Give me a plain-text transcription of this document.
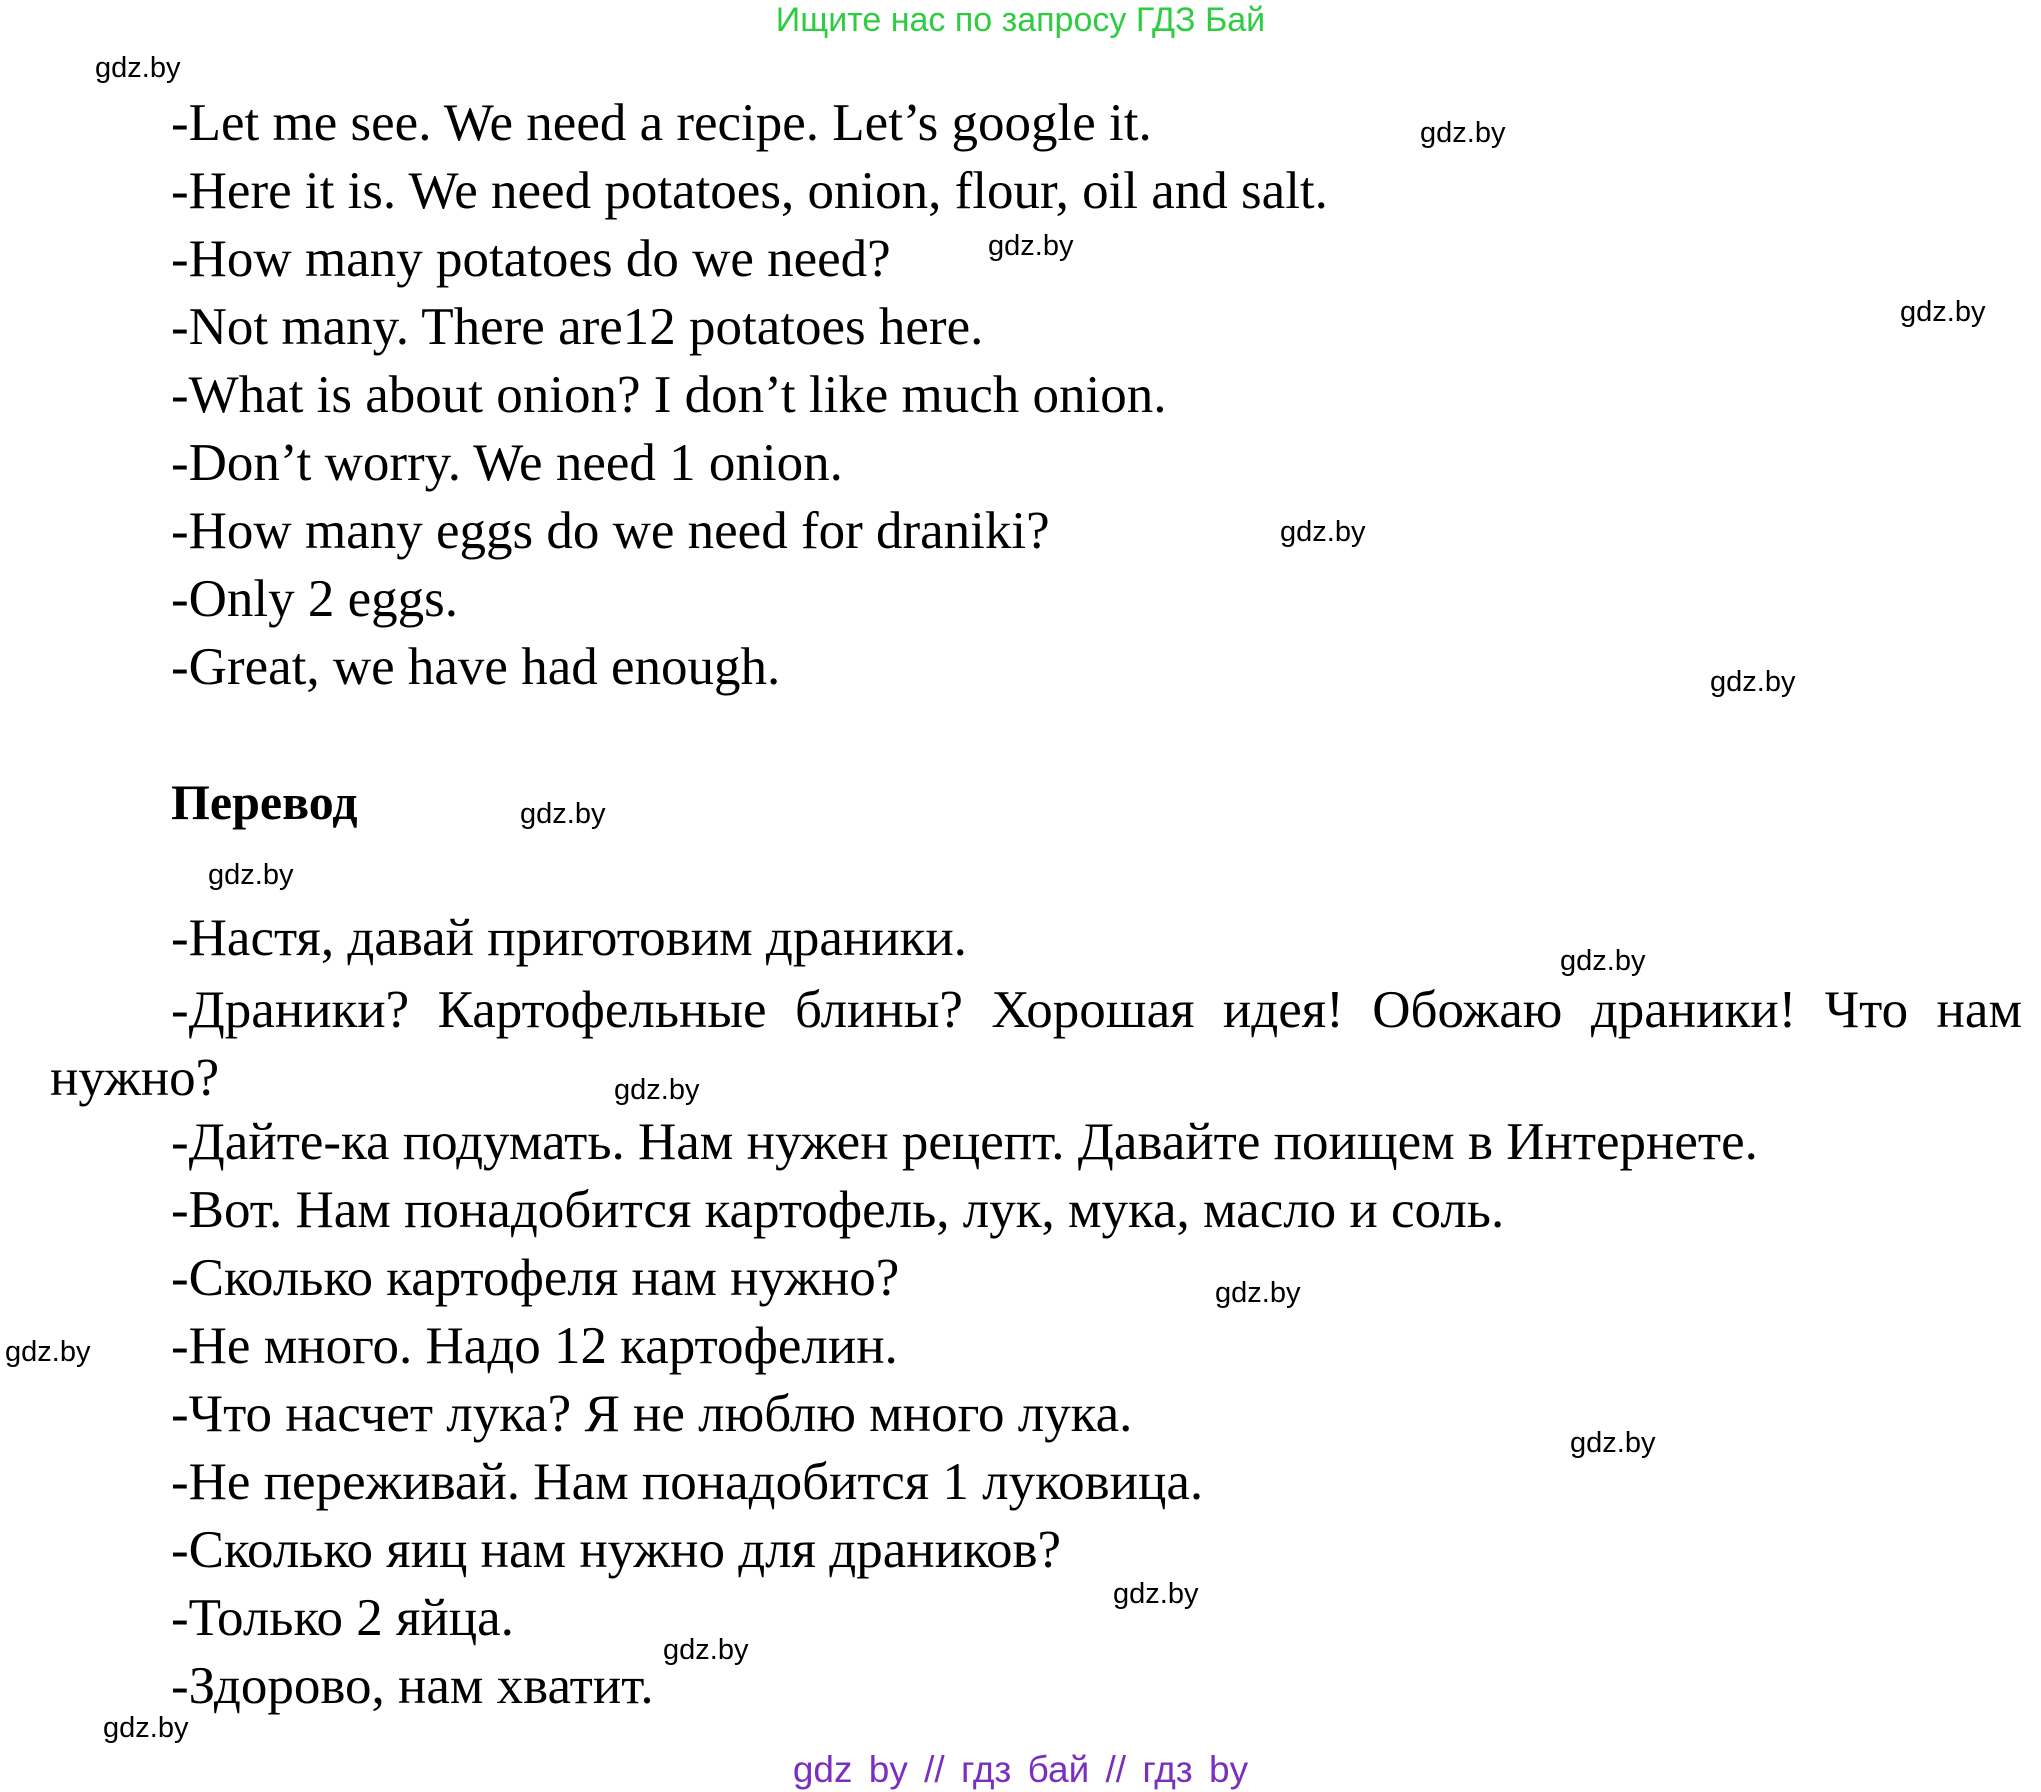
Ищите нас по запросу ГДЗ Бай
-Let me see. We need a recipe. Let’s google it.
-Here it is. We need potatoes, onion, flour, oil and salt.
-How many potatoes do we need?
-Not many. There are12 potatoes here.
-What is about onion? I don’t like much onion.
-Don’t worry. We need 1 onion.
-How many eggs do we need for draniki?
-Only 2 eggs.
-Great, we have had enough.
Перевод
-Настя, давай приготовим драники.

-Драники? Картофельные блины? Хорошая идея! Обожаю драники! Что нам нужно?

-Дайте-ка подумать. Нам нужен рецепт. Давайте поищем в Интернете.
-Вот. Нам понадобится картофель, лук, мука, масло и соль.
-Сколько картофеля нам нужно?
-Не много. Надо 12 картофелин.
-Что насчет лука? Я не люблю много лука.
-Не переживай. Нам понадобится 1 луковица.
-Сколько яиц нам нужно для драников?
-Только 2 яйца.
-Здорово, нам хватит.
gdz.by
gdz.by
gdz.by
gdz.by
gdz.by
gdz.by
gdz.by
gdz.by
gdz.by
gdz.by
gdz.by
gdz.by
gdz.by
gdz.by
gdz.by
gdz.by
gdz by // гдз бай // гдз by
